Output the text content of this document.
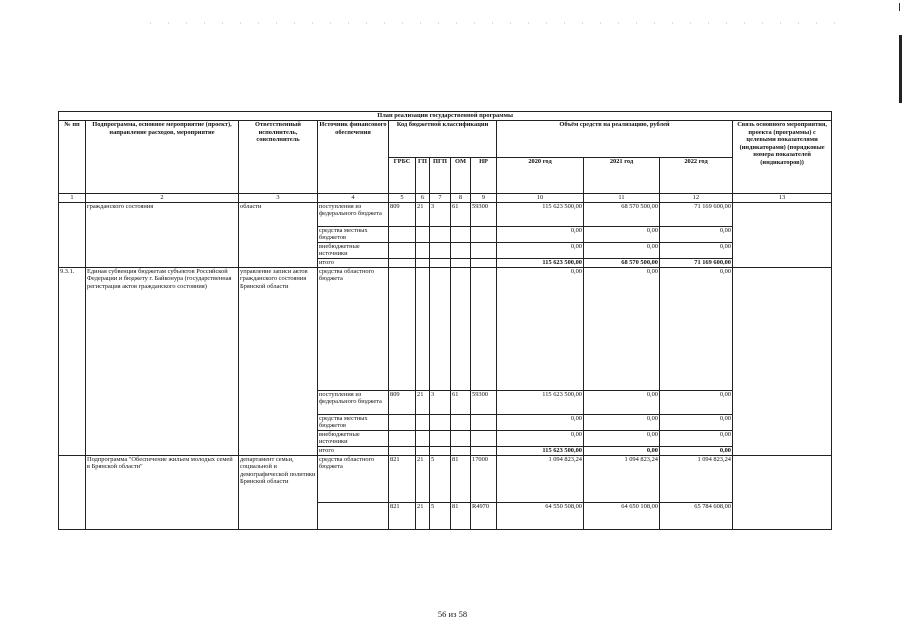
План реализации государственной программы												
№ пп	Подпрограмма, основное мероприятие (проект), направление расходов, мероприятие	Ответственный исполнитель, соисполнитель	Источник финансового обеспечения	Код бюджетной классификации					Объём средств на реализацию, рублей			Связь основного мероприятия, проекта (программы) с целевыми показателями (индикаторами) (порядковые номера показателей (индикаторов))
				ГРБС	ГП	ПГП	ОМ	НР	2020 год	2021 год	2022 год	
1	2	3	4	5	6	7	8	9	10	11	12	13
	гражданского состояния	области	поступления из федерального бюджета	809	21	3	61	59300	115 623 500,00	68 570 500,00	71 169 600,00	
			средства местных бюджетов						0,00	0,00	0,00	
			внебюджетные источники						0,00	0,00	0,00	
			итого						115 623 500,00	68 570 500,00	71 169 600,00	
9.3.1.	Единая субвенция бюджетам субъектов Российской Федерации и бюджету г. Байконура (государственная регистрация актов гражданского состояния)	управление записи актов гражданского состояния Брянской области	средства областного бюджета						0,00	0,00	0,00	
			поступления из федерального бюджета	809	21	3	61	59300	115 623 500,00	0,00	0,00	
			средства местных бюджетов						0,00	0,00	0,00	
			внебюджетные источники						0,00	0,00	0,00	
			итого						115 623 500,00	0,00	0,00	
	Подпрограмма "Обеспечение жильем молодых семей в Брянской области"	департамент семьи, социальной и демографической политики Брянской области	средства областного бюджета	821	21	5	81	17000	1 094 823,24	1 094 823,24	1 094 823,24	
				821	21	5	81	R4970	64 550 508,00	64 650 108,00	65 784 608,00	
56 из 58
